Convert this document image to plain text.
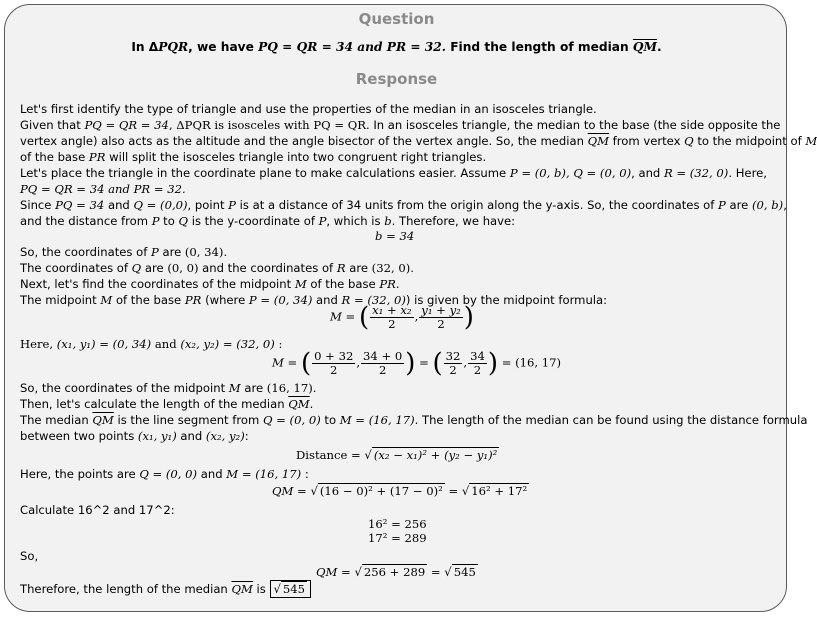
Question
In ΔPQR, we have PQ = QR = 34 and PR = 32. Find the length of median $\overline{QM}$.
Response
Let's first identify the type of triangle and use the properties of the median in an isosceles triangle.
Given that PQ = QR = 34, ΔPQR is isosceles with PQ = QR. In an isosceles triangle, the median to the base (the side opposite the
vertex angle) also acts as the altitude and the angle bisector of the vertex angle. So, the median $\overline{QM}$ from vertex Q to the midpoint of M
of the base PR will split the isosceles triangle into two congruent right triangles.
Let's place the triangle in the coordinate plane to make calculations easier. Assume P = (0, b), Q = (0, 0), and R = (32, 0). Here,
PQ = QR = 34 and PR = 32.
Since PQ = 34 and Q = (0,0), point P is at a distance of 34 units from the origin along the y-axis. So, the coordinates of P are (0, b),
and the distance from P to Q is the y-coordinate of P, which is b. Therefore, we have:
b = 34
So, the coordinates of P are (0, 34).
The coordinates of Q are (0, 0) and the coordinates of R are (32, 0).
Next, let's find the coordinates of the midpoint M of the base PR.
The midpoint M of the base PR (where P = (0, 34) and R = (32, 0)) is given by the midpoint formula:
M = ( $\frac{\text{x₁ + x₂}}{2}$ , $\frac{\text{y₁ + y₂}}{2}$ )
Here, (x₁, y₁) = (0, 34) and (x₂, y₂) = (32, 0) :
M = ( $\frac{0 + 32}{2}$ , $\frac{34 + 0}{2}$ ) = ( $\frac{32}{2}$ , $\frac{34}{2}$ ) = (16, 17)
So, the coordinates of the midpoint M are (16, 17).
Then, let's calculate the length of the median $\overline{QM}$.
The median $\overline{QM}$ is the line segment from Q = (0, 0) to M = (16, 17). The length of the median can be found using the distance formula
between two points (x₁, y₁) and (x₂, y₂):
Distance = √ (x₂ − x₁)² + (y₂ − y₁)²
Here, the points are Q = (0, 0) and M = (16, 17) :
QM = √ (16 − 0)² + (17 − 0)² = √ 16² + 17²
Calculate 16^2 and 17^2:
16² = 256
17² = 289
So,
QM = √ 256 + 289 = √ 545
Therefore, the length of the median $\overline{QM}$ is √ 545
